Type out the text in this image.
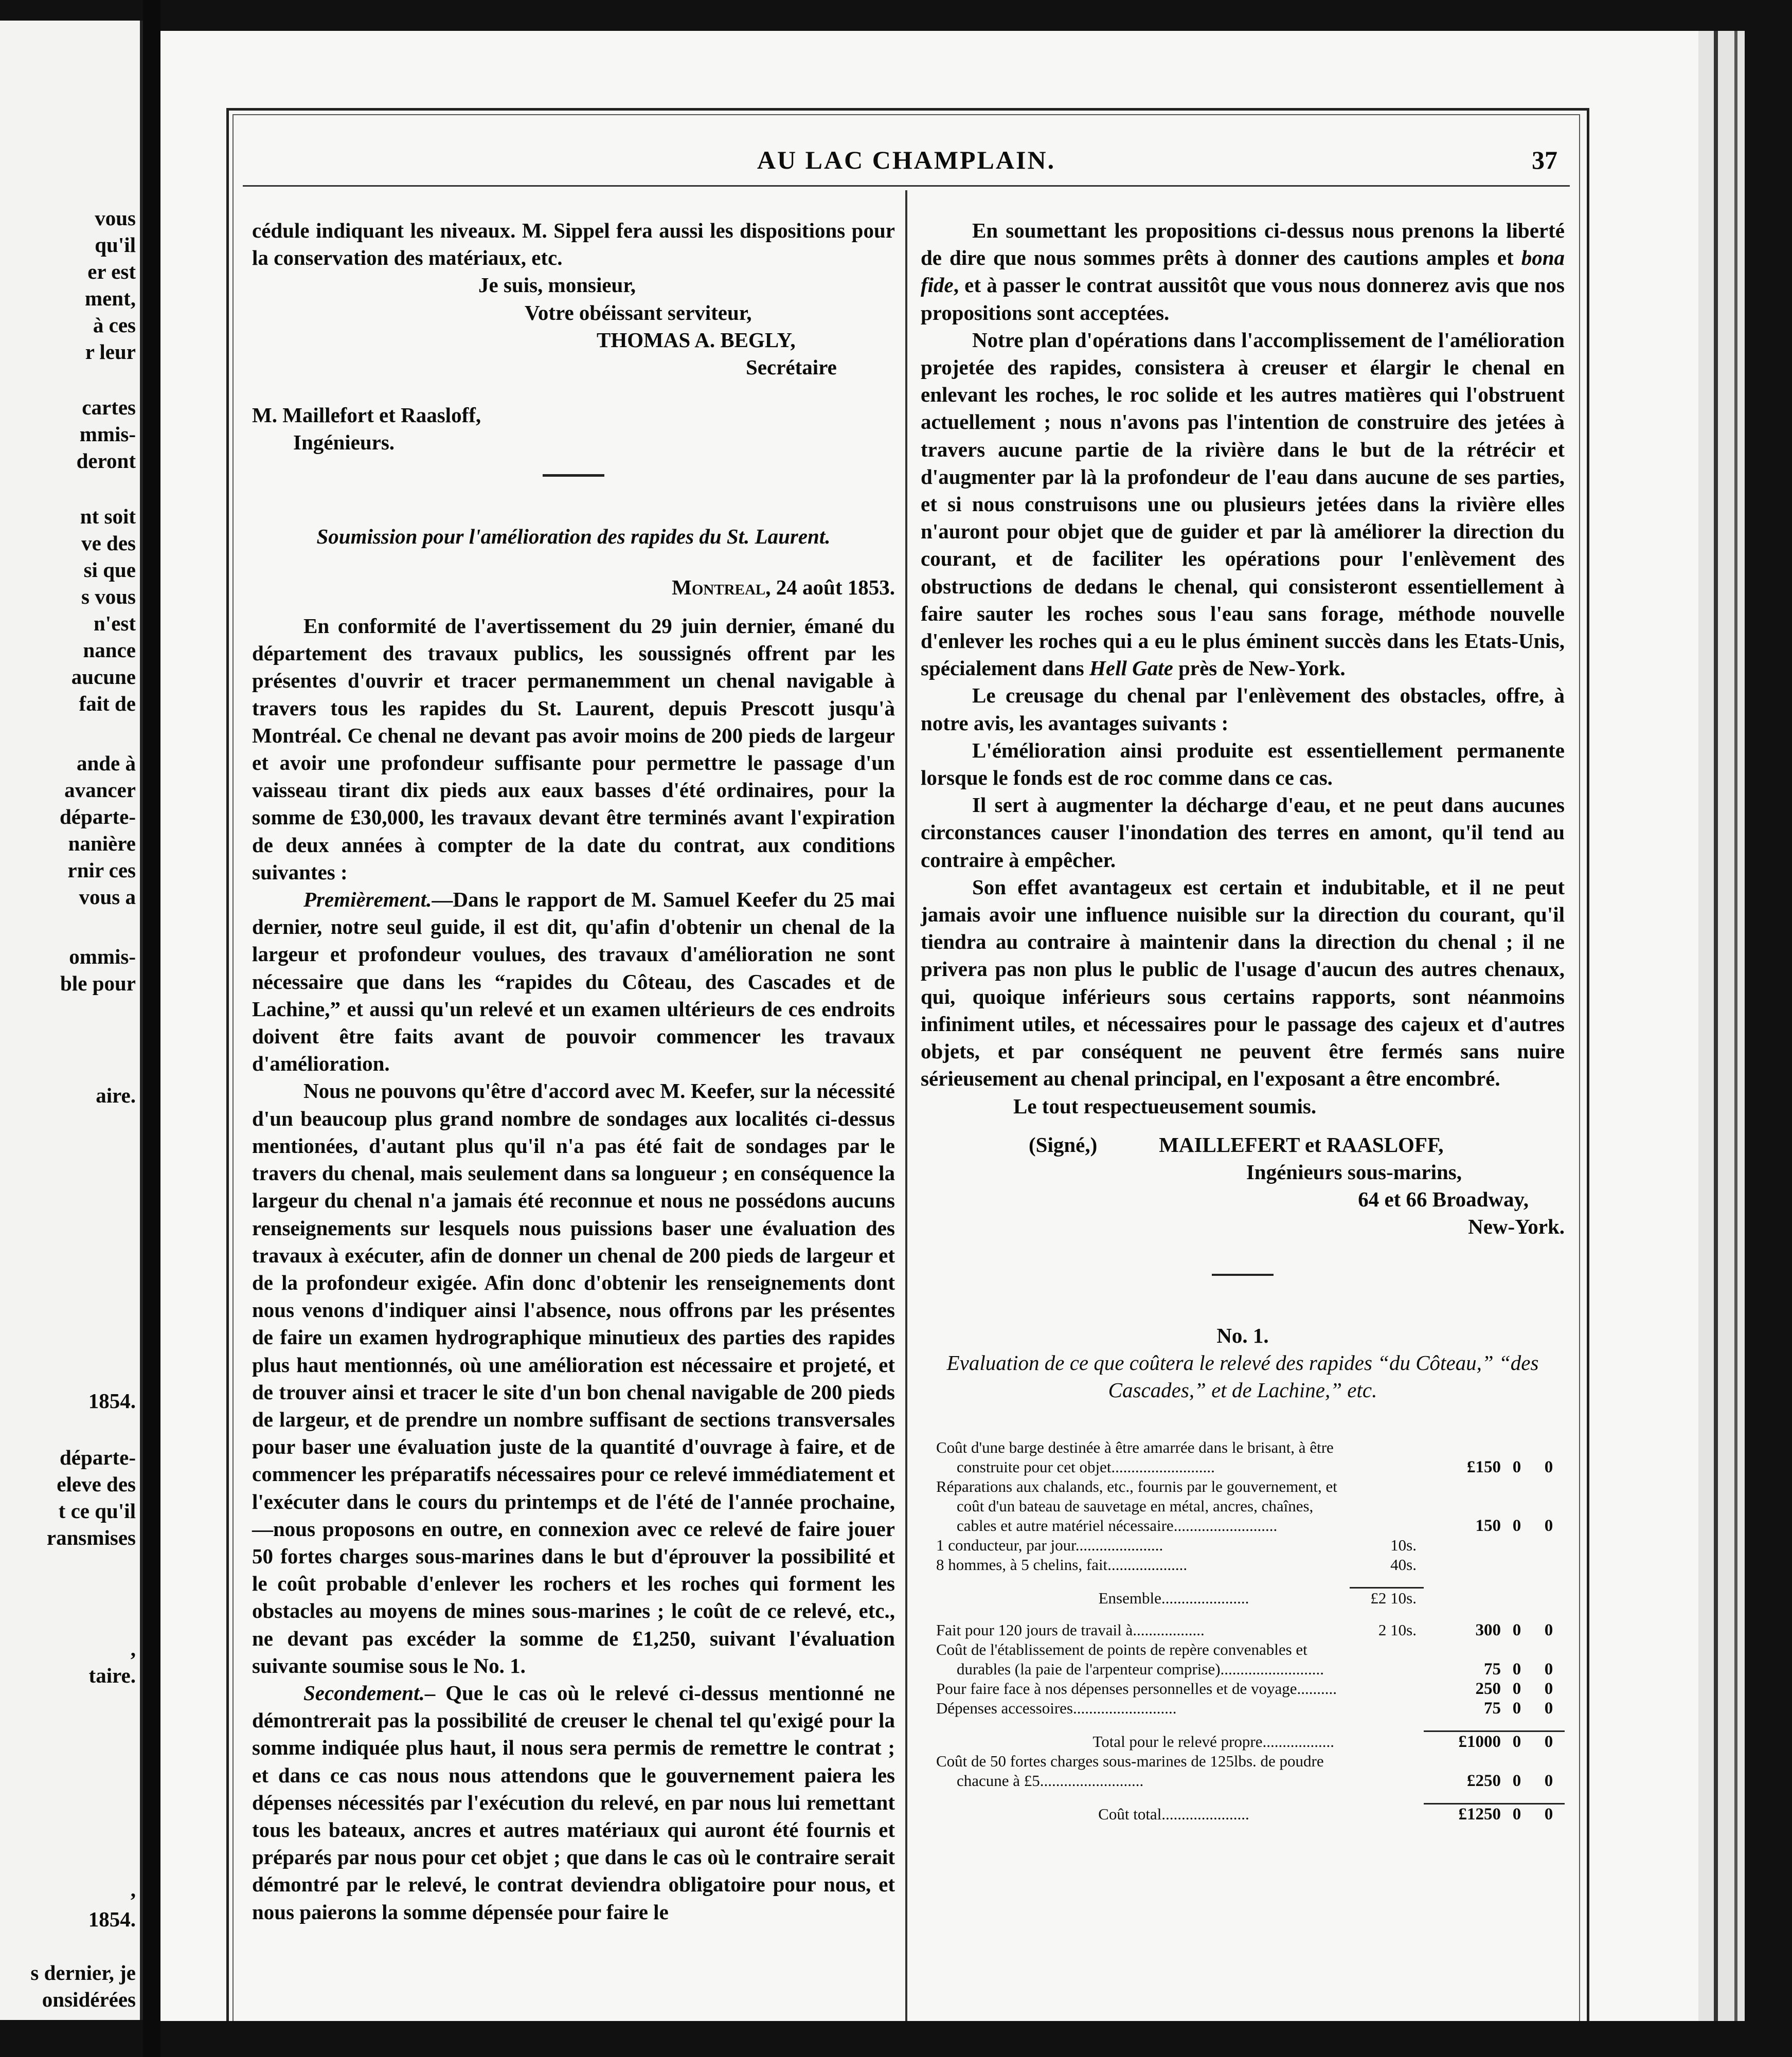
vous
qu'il
er est
ment,
à ces
r leur
cartes
mmis-
deront
nt soit
ve des
si que
s vous
n'est
nance
aucune
fait de
ande à
avancer
départe-
nanière
rnir ces
vous a
ommis-
ble pour
aire.
1854.
départe-
eleve des
t ce qu'il
ransmises
,
taire.
,
1854.
s dernier, je
onsidérées
AU LAC CHAMPLAIN.	37

cédule indiquant les niveaux. M. Sippel fera aussi les dispositions pour la conservation des matériaux, etc.

Je suis, monsieur,
Votre obéissant serviteur,
THOMAS A. BEGLY,
Secrétaire
M. Maillefort et Raasloff,
Ingénieurs.
Soumission pour l'amélioration des rapides du St. Laurent.
Montreal, 24 août 1853.

En conformité de l'avertissement du 29 juin dernier, émané du département des travaux publics, les soussignés offrent par les présentes d'ouvrir et tracer permanemment un chenal navigable à travers tous les rapides du St. Laurent, depuis Prescott jusqu'à Montréal. Ce chenal ne devant pas avoir moins de 200 pieds de largeur et avoir une profondeur suffisante pour permettre le passage d'un vaisseau tirant dix pieds aux eaux basses d'été ordinaires, pour la somme de £30,000, les travaux devant être terminés avant l'expiration de deux années à compter de la date du contrat, aux conditions suivantes :

Premièrement.—Dans le rapport de M. Samuel Keefer du 25 mai dernier, notre seul guide, il est dit, qu'afin d'obtenir un chenal de la largeur et profondeur voulues, des travaux d'amélioration ne sont nécessaire que dans les “rapides du Côteau, des Cascades et de Lachine,” et aussi qu'un relevé et un examen ultérieurs de ces endroits doivent être faits avant de pouvoir commencer les travaux d'amélioration.

Nous ne pouvons qu'être d'accord avec M. Keefer, sur la nécessité d'un beaucoup plus grand nombre de sondages aux localités ci-dessus mentionées, d'autant plus qu'il n'a pas été fait de sondages par le travers du chenal, mais seulement dans sa longueur ; en conséquence la largeur du chenal n'a jamais été reconnue et nous ne possédons aucuns renseignements sur lesquels nous puissions baser une évaluation des travaux à exécuter, afin de donner un chenal de 200 pieds de largeur et de la profondeur exigée. Afin donc d'obtenir les renseignements dont nous venons d'indiquer ainsi l'absence, nous offrons par les présentes de faire un examen hydrographique minutieux des parties des rapides plus haut mentionnés, où une amélioration est nécessaire et projeté, et de trouver ainsi et tracer le site d'un bon chenal navigable de 200 pieds de largeur, et de prendre un nombre suffisant de sections transversales pour baser une évaluation juste de la quantité d'ouvrage à faire, et de commencer les préparatifs nécessaires pour ce relevé immédiatement et l'exécuter dans le cours du printemps et de l'été de l'année prochaine,—nous proposons en outre, en connexion avec ce relevé de faire jouer 50 fortes charges sous-marines dans le but d'éprouver la possibilité et le coût probable d'enlever les rochers et les roches qui forment les obstacles au moyens de mines sous-marines ; le coût de ce relevé, etc., ne devant pas excéder la somme de £1,250, suivant l'évaluation suivante soumise sous le No. 1.

Secondement.– Que le cas où le relevé ci-dessus mentionné ne démontrerait pas la possibilité de creuser le chenal tel qu'exigé pour la somme indiquée plus haut, il nous sera permis de remettre le contrat ; et dans ce cas nous nous attendons que le gouvernement paiera les dépenses nécessités par l'exécution du relevé, en par nous lui remettant tous les bateaux, ancres et autres matériaux qui auront été fournis et préparés par nous pour cet objet ; que dans le cas où le contraire serait démontré par le relevé, le contrat deviendra obligatoire pour nous, et nous paierons la somme dépensée pour faire le

En soumettant les propositions ci-dessus nous prenons la liberté de dire que nous sommes prêts à donner des cautions amples et bona fide, et à passer le contrat aussitôt que vous nous donnerez avis que nos propositions sont acceptées.

Notre plan d'opérations dans l'accomplissement de l'amélioration projetée des rapides, consistera à creuser et élargir le chenal en enlevant les roches, le roc solide et les autres matières qui l'obstruent actuellement ; nous n'avons pas l'intention de construire des jetées à travers aucune partie de la rivière dans le but de la rétrécir et d'augmenter par là la profondeur de l'eau dans aucune de ses parties, et si nous construisons une ou plusieurs jetées dans la rivière elles n'auront pour objet que de guider et par là améliorer la direction du courant, et de faciliter les opérations pour l'enlèvement des obstructions de dedans le chenal, qui consisteront essentiellement à faire sauter les roches sous l'eau sans forage, méthode nouvelle d'enlever les roches qui a eu le plus éminent succès dans les Etats-Unis, spécialement dans Hell Gate près de New-York.

Le creusage du chenal par l'enlèvement des obstacles, offre, à notre avis, les avantages suivants :

L'émélioration ainsi produite est essentiellement permanente lorsque le fonds est de roc comme dans ce cas.

Il sert à augmenter la décharge d'eau, et ne peut dans aucunes circonstances causer l'inondation des terres en amont, qu'il tend au contraire à empêcher.

Son effet avantageux est certain et indubitable, et il ne peut jamais avoir une influence nuisible sur la direction du courant, qu'il tiendra au contraire à maintenir dans la direction du chenal ; il ne privera pas non plus le public de l'usage d'aucun des autres chenaux, qui, quoique inférieurs sous certains rapports, sont néanmoins infiniment utiles, et nécessaires pour le passage des cajeux et d'autres objets, et par conséquent ne peuvent être fermés sans nuire sérieusement au chenal principal, en l'exposant a être encombré.

Le tout respectueusement soumis.

(Signé,)	MAILLEFERT et RAASLOFF,
Ingénieurs sous-marins,
64 et 66 Broadway,
New-York.
No. 1.
Evaluation de ce que coûtera le relevé des rapides “du Côteau,” “des Cascades,” et de Lachine,” etc.
Coût d'une barge destinée à être amarrée dans le brisant, à être construite pour cet objet..........................		£150	0	0
Réparations aux chalands, etc., fournis par le gouvernement, et coût d'un bateau de sauvetage en métal, ancres, chaînes, cables et autre matériel nécessaire..........................		150	0	0
1 conducteur, par jour......................	10s.			
8 hommes, à 5 chelins, fait....................	40s.			

Ensemble......................	£2 10s.			

Fait pour 120 jours de travail à..................	2 10s.	300	0	0
Coût de l'établissement de points de repère convenables et durables (la paie de l'arpenteur comprise)..........................		75	0	0
Pour faire face à nos dépenses personnelles et de voyage..........		250	0	0
Dépenses accessoires..........................		75	0	0

Total pour le relevé propre..................		£1000	0	0
Coût de 50 fortes charges sous-marines de 125lbs. de poudre chacune à £5..........................		£250	0	0

Coût total......................		£1250	0	0
